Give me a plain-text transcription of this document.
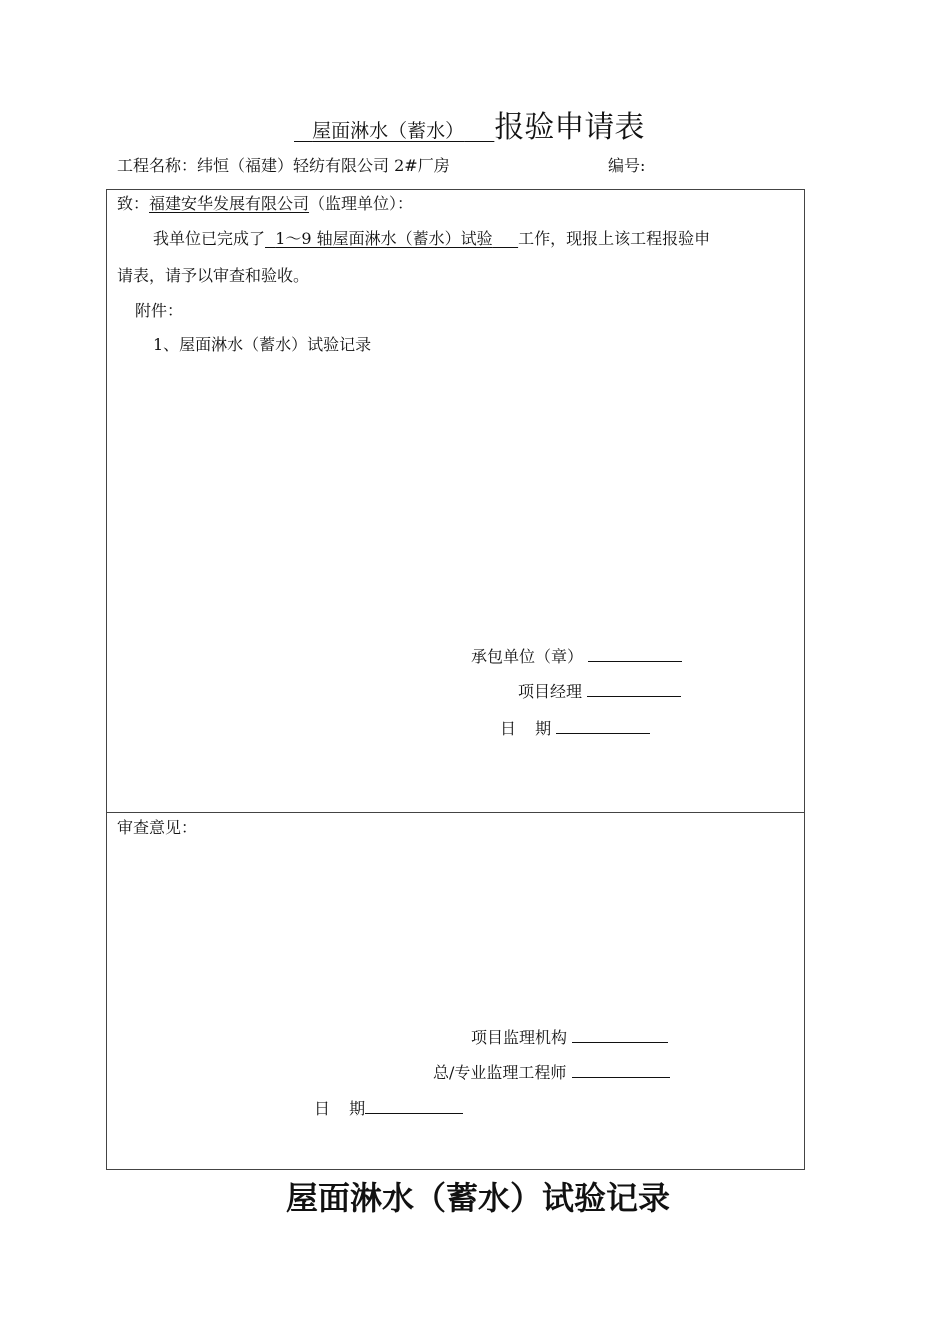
屋面淋水（蓄水） 报验申请表
工程名称：纬恒（福建）轻纺有限公司 2#厂房	编号:
致：福建安华发展有限公司（监理单位）：
我单位已完成了 1～9 轴屋面淋水（蓄水）试验 工作，现报上该工程报验申
请表，请予以审查和验收。
附件：
1、屋面淋水（蓄水）试验记录
承包单位（章）
项目经理
日 期
审查意见：
项目监理机构
总/专业监理工程师
日 期
屋面淋水（蓄水）试验记录
